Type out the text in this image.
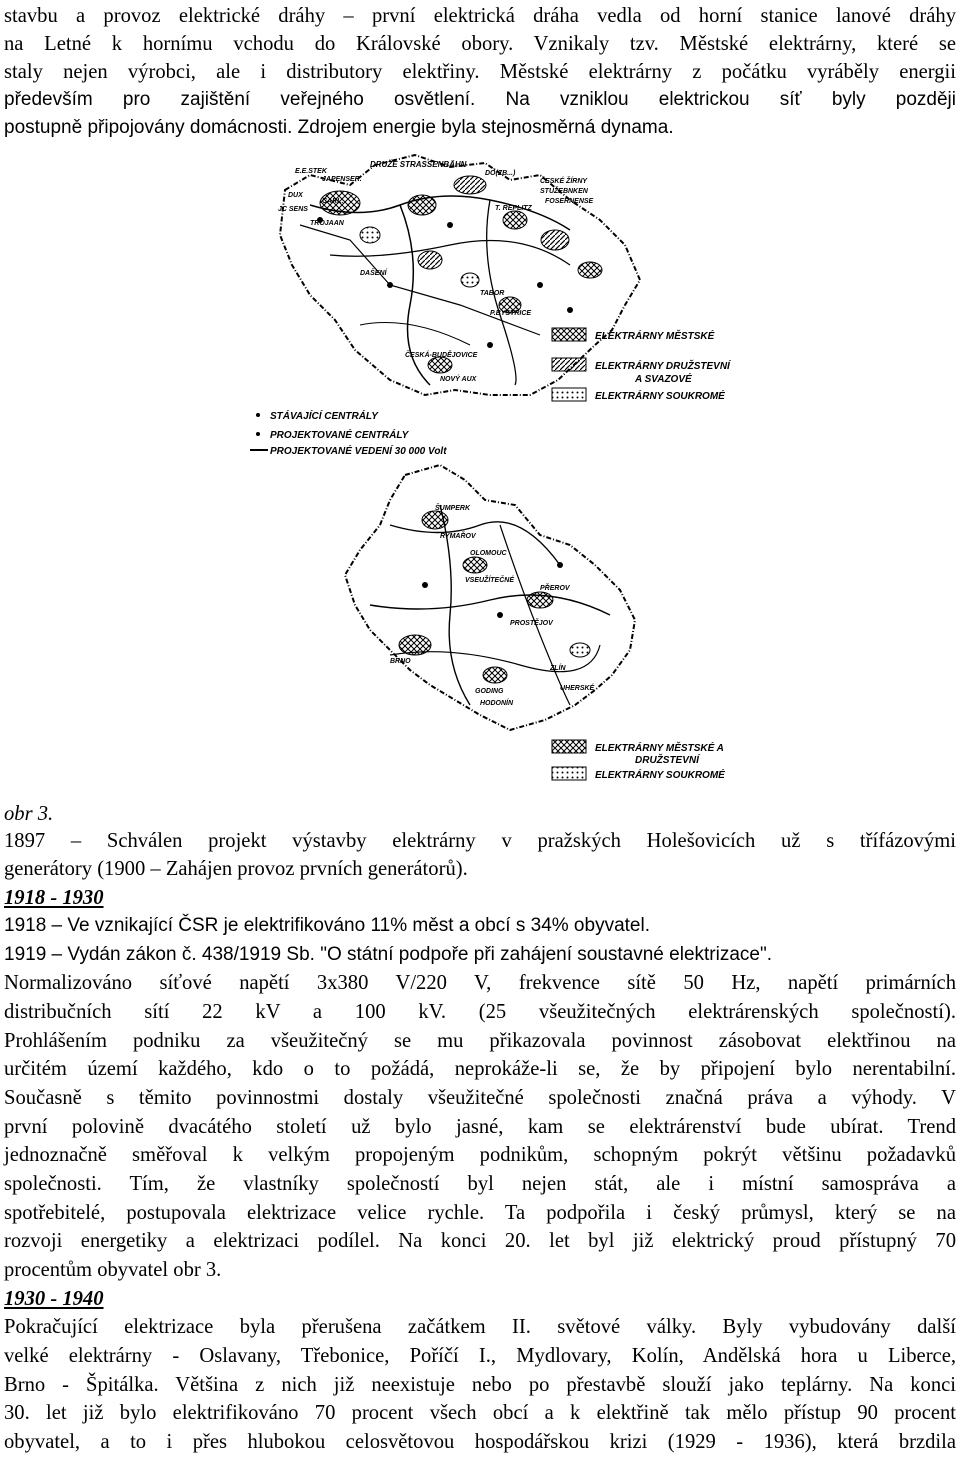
stavbu a provoz elektrické dráhy – první elektrická dráha vedla od horní stanice lanové dráhy
na Letné k hornímu vchodu do Královské obory. Vznikaly tzv. Městské elektrárny, které se
staly nejen výrobci, ale i distributory elektřiny. Městské elektrárny z počátku vyráběly energii
především pro zajištění veřejného osvětlení. Na vzniklou elektrickou síť byly později
postupně připojovány domácnosti. Zdrojem energie byla stejnosměrná dynama.
DRUŽE STRASSENBÄHN
E.E.STEK
JAPENSER.
DUX
CARL.
JC SENS
TROJAAN
DAŠENÍ
DÓ(ZB...)
T. REPLITZ
ČESKÉ ŽÍRNY
STUŽEBNKEN
FOSERNENSE
TABOR
ČESKÁ-BUDĚJOVICE
P.BYSTŘICE
NOVÝ AUX
ELEKTRÁRNY MĚSTSKÉ
ELEKTRÁRNY DRUŽSTEVNÍ
A SVAZOVÉ
ELEKTRÁRNY SOUKROMÉ
STÁVAJÍCÍ CENTRÁLY
PROJEKTOVANÉ CENTRÁLY
PROJEKTOVANÉ VEDENÍ 30 000 Volt
ŠUMPERK
RYMAŘOV
OLOMOUC
VSEUŽÍTEČNÉ
PŘEROV
PROSTĚJOV
BRNO
ZLÍN
GODING
HODONÍN
UHERSKÉ
ELEKTRÁRNY MĚSTSKÉ A
DRUŽSTEVNÍ
ELEKTRÁRNY SOUKROMÉ
obr 3.
1897 – Schválen projekt výstavby elektrárny v pražských Holešovicích už s třífázovými
generátory (1900 – Zahájen provoz prvních generátorů).
1918 - 1930
1918 – Ve vznikající ČSR je elektrifikováno 11% měst a obcí s 34% obyvatel.
1919 – Vydán zákon č. 438/1919 Sb. "O státní podpoře při zahájení soustavné elektrizace".
Normalizováno síťové napětí 3x380 V/220 V, frekvence sítě 50 Hz, napětí primárních
distribučních sítí 22 kV a 100 kV. (25 všeužitečných elektrárenských společností).
Prohlášením podniku za všeužitečný se mu přikazovala povinnost zásobovat elektřinou na
určitém území každého, kdo o to požádá, neprokáže-li se, že by připojení bylo nerentabilní.
Současně s těmito povinnostmi dostaly všeužitečné společnosti značná práva a výhody. V
první polovině dvacátého století už bylo jasné, kam se elektrárenství bude ubírat. Trend
jednoznačně směřoval k velkým propojeným podnikům, schopným pokrýt většinu požadavků
společnosti. Tím, že vlastníky společností byl nejen stát, ale i místní samospráva a
spotřebitelé, postupovala elektrizace velice rychle. Ta podpořila i český průmysl, který se na
rozvoji energetiky a elektrizaci podílel. Na konci 20. let byl již elektrický proud přístupný 70
procentům obyvatel obr 3.
1930 - 1940
Pokračující elektrizace byla přerušena začátkem II. světové války. Byly vybudovány další
velké elektrárny - Oslavany, Třebonice, Poříčí I., Mydlovary, Kolín, Andělská hora u Liberce,
Brno - Špitálka. Většina z nich již neexistuje nebo po přestavbě slouží jako teplárny. Na konci
30. let již bylo elektrifikováno 70 procent všech obcí a k elektřině tak mělo přístup 90 procent
obyvatel, a to i přes hlubokou celosvětovou hospodářskou krizi (1929 - 1936), která brzdila
